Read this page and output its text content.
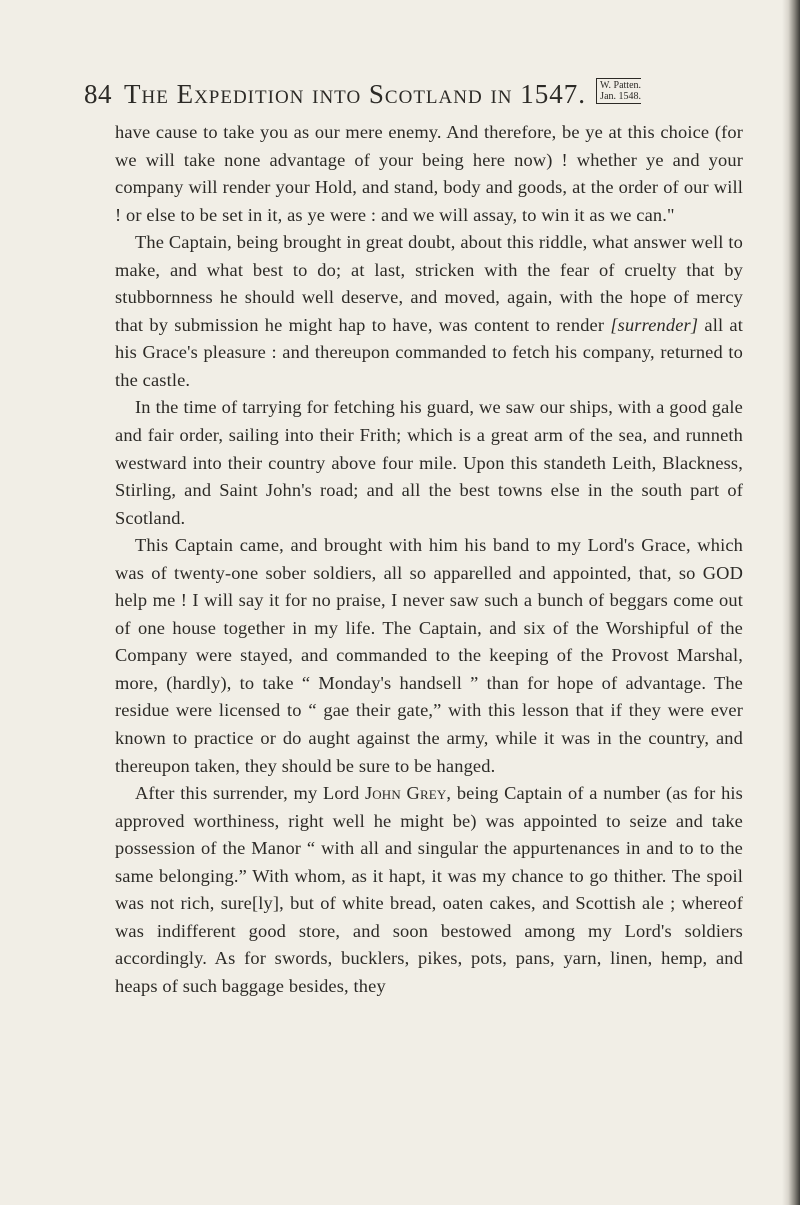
84 The Expedition into Scotland in 1547. W. Patten.
Jan. 1548.

have cause to take you as our mere enemy. And therefore, be ye at this choice (for we will take none advantage of your being here now) ! whether ye and your company will render your Hold, and stand, body and goods, at the order of our will ! or else to be set in it, as ye were : and we will assay, to win it as we can."

The Captain, being brought in great doubt, about this riddle, what answer well to make, and what best to do; at last, stricken with the fear of cruelty that by stubbornness he should well deserve, and moved, again, with the hope of mercy that by submission he might hap to have, was content to render [surrender] all at his Grace's pleasure : and thereupon commanded to fetch his company, returned to the castle.

In the time of tarrying for fetching his guard, we saw our ships, with a good gale and fair order, sailing into their Frith; which is a great arm of the sea, and runneth westward into their country above four mile. Upon this standeth Leith, Blackness, Stirling, and Saint John's road; and all the best towns else in the south part of Scotland.

This Captain came, and brought with him his band to my Lord's Grace, which was of twenty-one sober soldiers, all so apparelled and appointed, that, so GOD help me ! I will say it for no praise, I never saw such a bunch of beggars come out of one house together in my life. The Captain, and six of the Worshipful of the Company were stayed, and commanded to the keeping of the Provost Marshal, more, (hardly), to take “ Monday's handsell ” than for hope of advantage. The residue were licensed to “ gae their gate,” with this lesson that if they were ever known to practice or do aught against the army, while it was in the country, and thereupon taken, they should be sure to be hanged.

After this surrender, my Lord John Grey, being Captain of a number (as for his approved worthiness, right well he might be) was appointed to seize and take possession of the Manor “ with all and singular the appurtenances in and to to the same belonging.” With whom, as it hapt, it was my chance to go thither. The spoil was not rich, sure[ly], but of white bread, oaten cakes, and Scottish ale ; whereof was indifferent good store, and soon bestowed among my Lord's soldiers accordingly. As for swords, bucklers, pikes, pots, pans, yarn, linen, hemp, and heaps of such baggage besides, they
